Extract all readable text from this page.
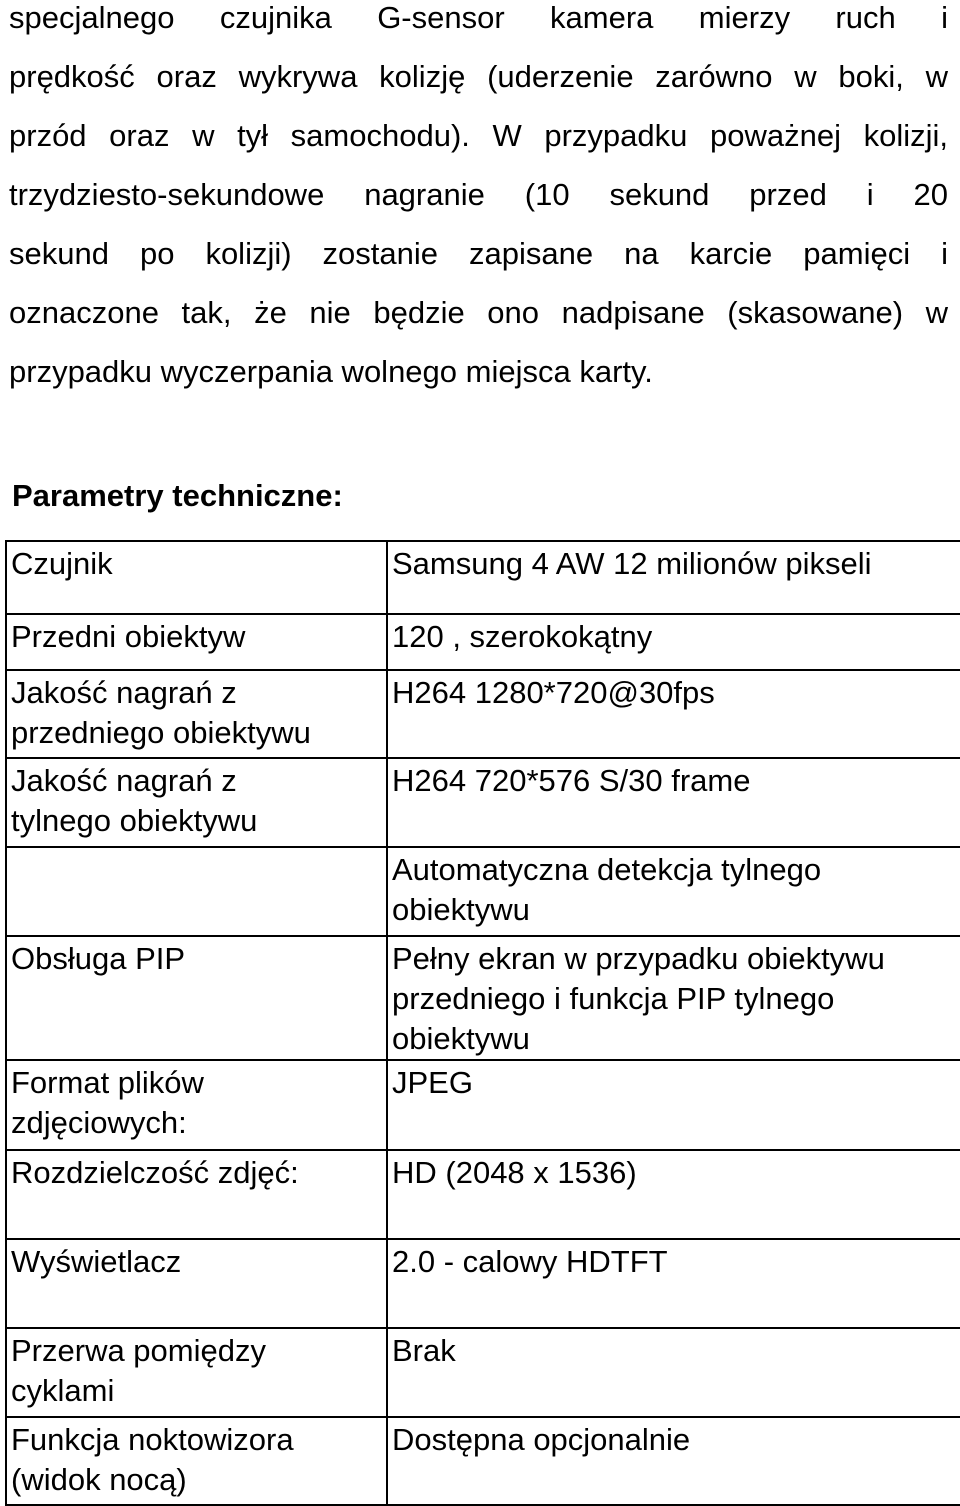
specjalnego czujnika G-sensor kamera mierzy ruch i
prędkość oraz wykrywa kolizję (uderzenie zarówno w boki, w
przód oraz w tył samochodu). W przypadku poważnej kolizji,
trzydziesto-sekundowe nagranie (10 sekund przed i 20
sekund po kolizji) zostanie zapisane na karcie pamięci i
oznaczone tak, że nie będzie ono nadpisane (skasowane) w
przypadku wyczerpania wolnego miejsca karty.
Parametry techniczne:
Czujnik	Samsung 4 AW 12 milionów pikseli

Przedni obiektyw	120 , szerokokątny

Jakość nagrań z
przedniego obiektywu	H264 1280*720@30fps

Jakość nagrań z
tylnego obiektywu	H264 720*576 S/30 frame

	Automatyczna detekcja tylnego
obiektywu

Obsługa PIP	Pełny ekran w przypadku obiektywu
przedniego i funkcja PIP tylnego
obiektywu

Format plików
zdjęciowych:	JPEG

Rozdzielczość zdjęć:	HD (2048 x 1536)

Wyświetlacz	2.0 - calowy HDTFT

Przerwa pomiędzy
cyklami	Brak

Funkcja noktowizora
(widok nocą)	Dostępna opcjonalnie
